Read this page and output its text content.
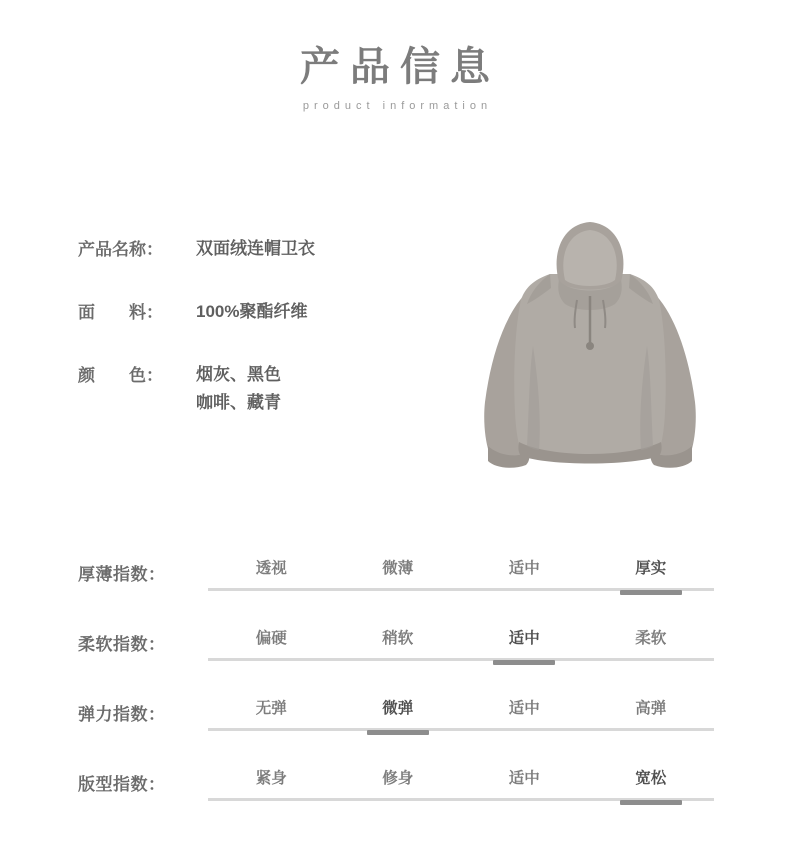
产品信息
product information
产品名称：	双面绒连帽卫衣
面　　料：	100%聚酯纤维
颜　　色：	烟灰、黑色
咖啡、藏青
厚薄指数：	透视	微薄	适中	厚实
柔软指数：	偏硬	稍软	适中	柔软
弹力指数：	无弹	微弹	适中	高弹
版型指数：	紧身	修身	适中	宽松
